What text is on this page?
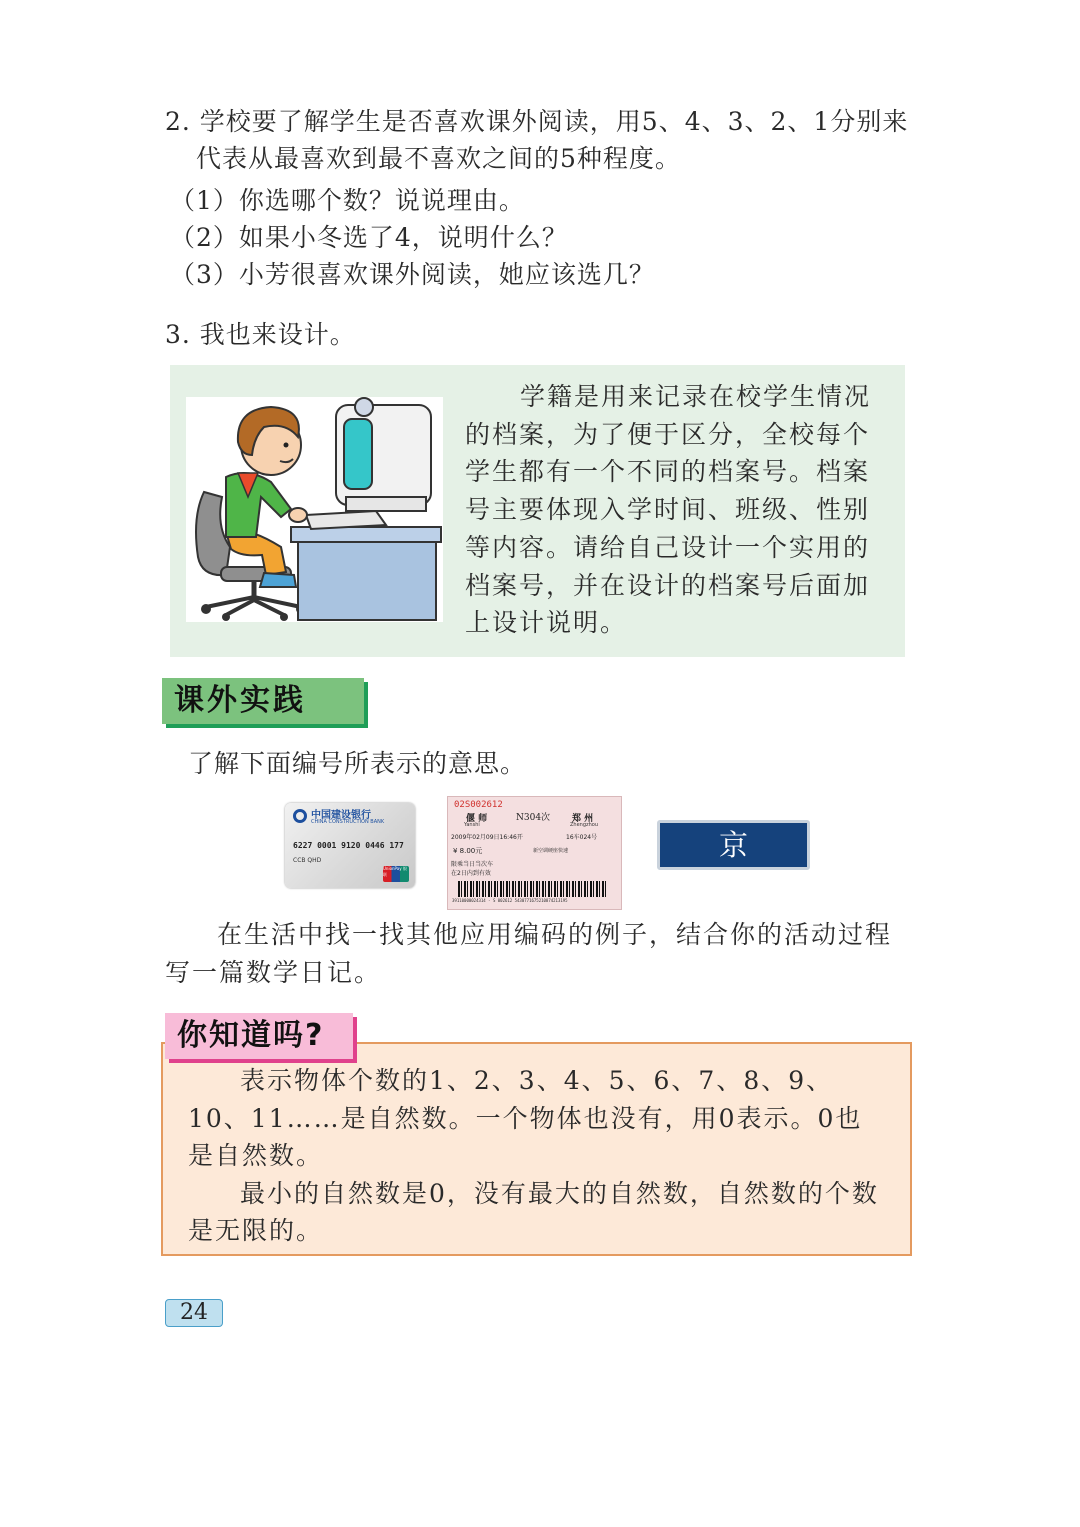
2. 学校要了解学生是否喜欢课外阅读，用5、4、3、2、1分别来
代表从最喜欢到最不喜欢之间的5种程度。
（1）你选哪个数？说说理由。
（2）如果小冬选了4，说明什么？
（3）小芳很喜欢课外阅读，她应该选几？
3. 我也来设计。

学籍是用来记录在校学生情况的档案，为了便于区分，全校每个学生都有一个不同的档案号。档案号主要体现入学时间、班级、性别等内容。请给自己设计一个实用的档案号，并在设计的档案号后面加上设计说明。

课外实践
了解下面编号所表示的意思。
中国建设银行
CHINA CONSTRUCTION BANK
6227 0001 9120 0446 177
CCB QHD
UnionPay 银联
02S002612
偃 师
Yanshi
N304次 郑 州
Zhengzhou
2009年02月09日16:46开	16车024号
¥ 8.00元	新空调硬座快速
限乘当日当次车
在2日内到有效
39110000024314 - S 002612 5430771675210874213195
京N·4D369

在生活中找一找其他应用编码的例子，结合你的活动过程写一篇数学日记。

你知道吗?

表示物体个数的1、2、3、4、5、6、7、8、9、10、11……是自然数。一个物体也没有，用0表示。0也是自然数。

最小的自然数是0，没有最大的自然数，自然数的个数是无限的。

24
